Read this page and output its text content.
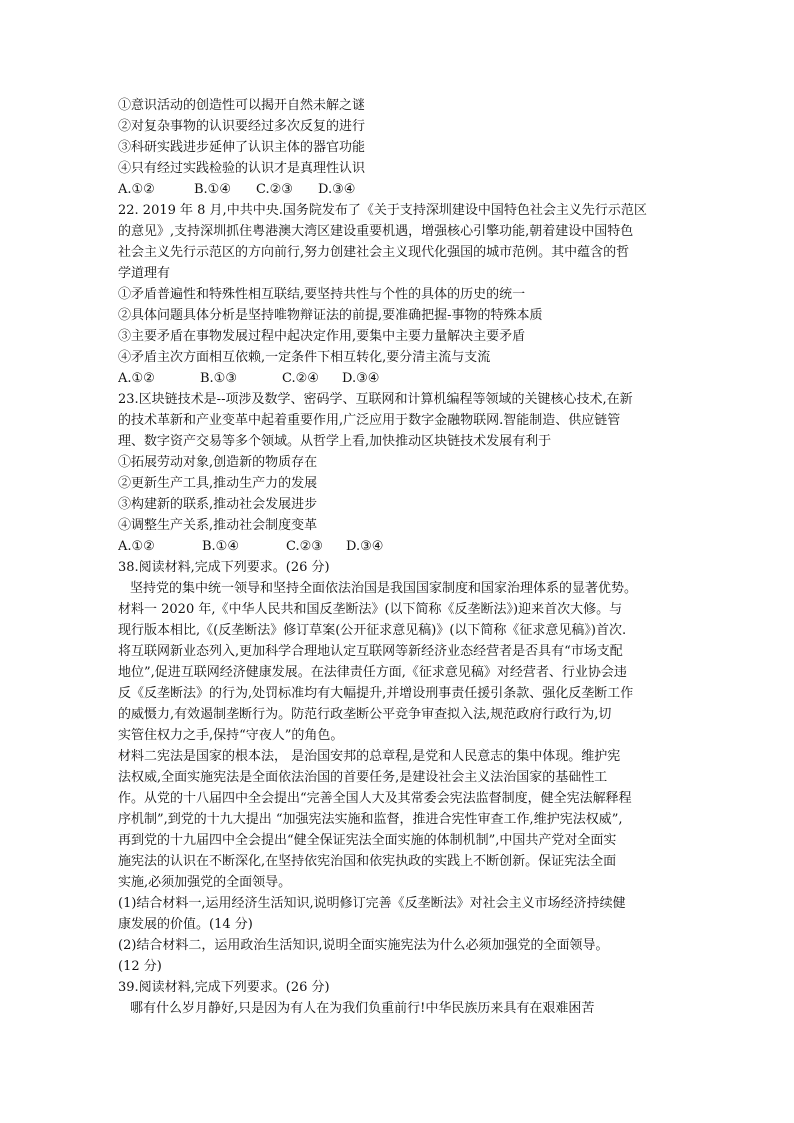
①意识活动的创造性可以揭开自然未解之谜
②对复杂事物的认识要经过多次反复的进行
③科研实践进步延伸了认识主体的器官功能
④只有经过实践检验的认识才是真理性认识
A.①②	B.①④	C.②③	D.③④
22. 2019 年 8 月,中共中央.国务院发布了《关于支持深圳建设中国特色社会主义先行示范区
的意见》,支持深圳抓住粤港澳大湾区建设重要机遇，增强核心引擎功能,朝着建设中国特色
社会主义先行示范区的方向前行,努力创建社会主义现代化强国的城市范例。其中蕴含的哲
学道理有
①矛盾普遍性和特殊性相互联结,要坚持共性与个性的具体的历史的统一
②具体问题具体分析是坚持唯物辩证法的前提,要准确把握-事物的特殊本质
③主要矛盾在事物发展过程中起决定作用,要集中主要力量解决主要矛盾
④矛盾主次方面相互依赖,一定条件下相互转化,要分清主流与支流
A.①②	B.①③	C.②④	D.③④
23.区块链技术是--项涉及数学、密码学、互联网和计算机编程等领域的关键核心技术,在新
的技术革新和产业变革中起着重要作用,广泛应用于数字金融物联网.智能制造、供应链管
理、数字资产交易等多个领域。从哲学上看,加快推动区块链技术发展有利于
①拓展劳动对象,创造新的物质存在
②更新生产工具,推动生产力的发展
③构建新的联系,推动社会发展进步
④调整生产关系,推动社会制度变革
A.①②	B.①④	C.②③	D.③④
38.阅读材料,完成下列要求。(26 分)
坚持党的集中统一领导和坚持全面依法治国是我国国家制度和国家治理体系的显著优势。
材料一 2020 年,《中华人民共和国反垄断法》(以下简称《反垄断法》)迎来首次大修。与
现行版本相比,《(反垄断法》修订草案(公开征求意见稿)》(以下简称《征求意见稿》)首次.
将互联网新业态列入,更加科学合理地认定互联网等新经济业态经营者是否具有“市场支配
地位”,促进互联网经济健康发展。在法律责任方面,《征求意见稿》对经营者、行业协会违
反《反垄断法》的行为,处罚标准均有大幅提升,并增设刑事责任援引条款、强化反垄断工作
的威慑力,有效遏制垄断行为。防范行政垄断公平竞争审查拟入法,规范政府行政行为,切
实管住权力之手,保持“守夜人”的角色。
材料二宪法是国家的根本法， 是治国安邦的总章程,是党和人民意志的集中体现。维护宪
法权威,全面实施宪法是全面依法治国的首要任务,是建设社会主义法治国家的基础性工
作。从党的十八届四中全会提出“完善全国人大及其常委会宪法监督制度，健全宪法解释程
序机制”,到党的十九大提出 “加强宪法实施和监督，推进合宪性审查工作,维护宪法权威”,
再到党的十九届四中全会提出“健全保证宪法全面实施的体制机制”,中国共产党对全面实
施宪法的认识在不断深化,在坚持依宪治国和依宪执政的实践上不断创新。保证宪法全面
实施,必须加强党的全面领导。
(1)结合材料一,运用经济生活知识,说明修订完善《反垄断法》对社会主义市场经济持续健
康发展的价值。(14 分)
(2)结合材料二，运用政治生活知识,说明全面实施宪法为什么必须加强党的全面领导。
(12 分)
39.阅读材料,完成下列要求。(26 分)
哪有什么岁月静好,只是因为有人在为我们负重前行!中华民族历来具有在艰难困苦
